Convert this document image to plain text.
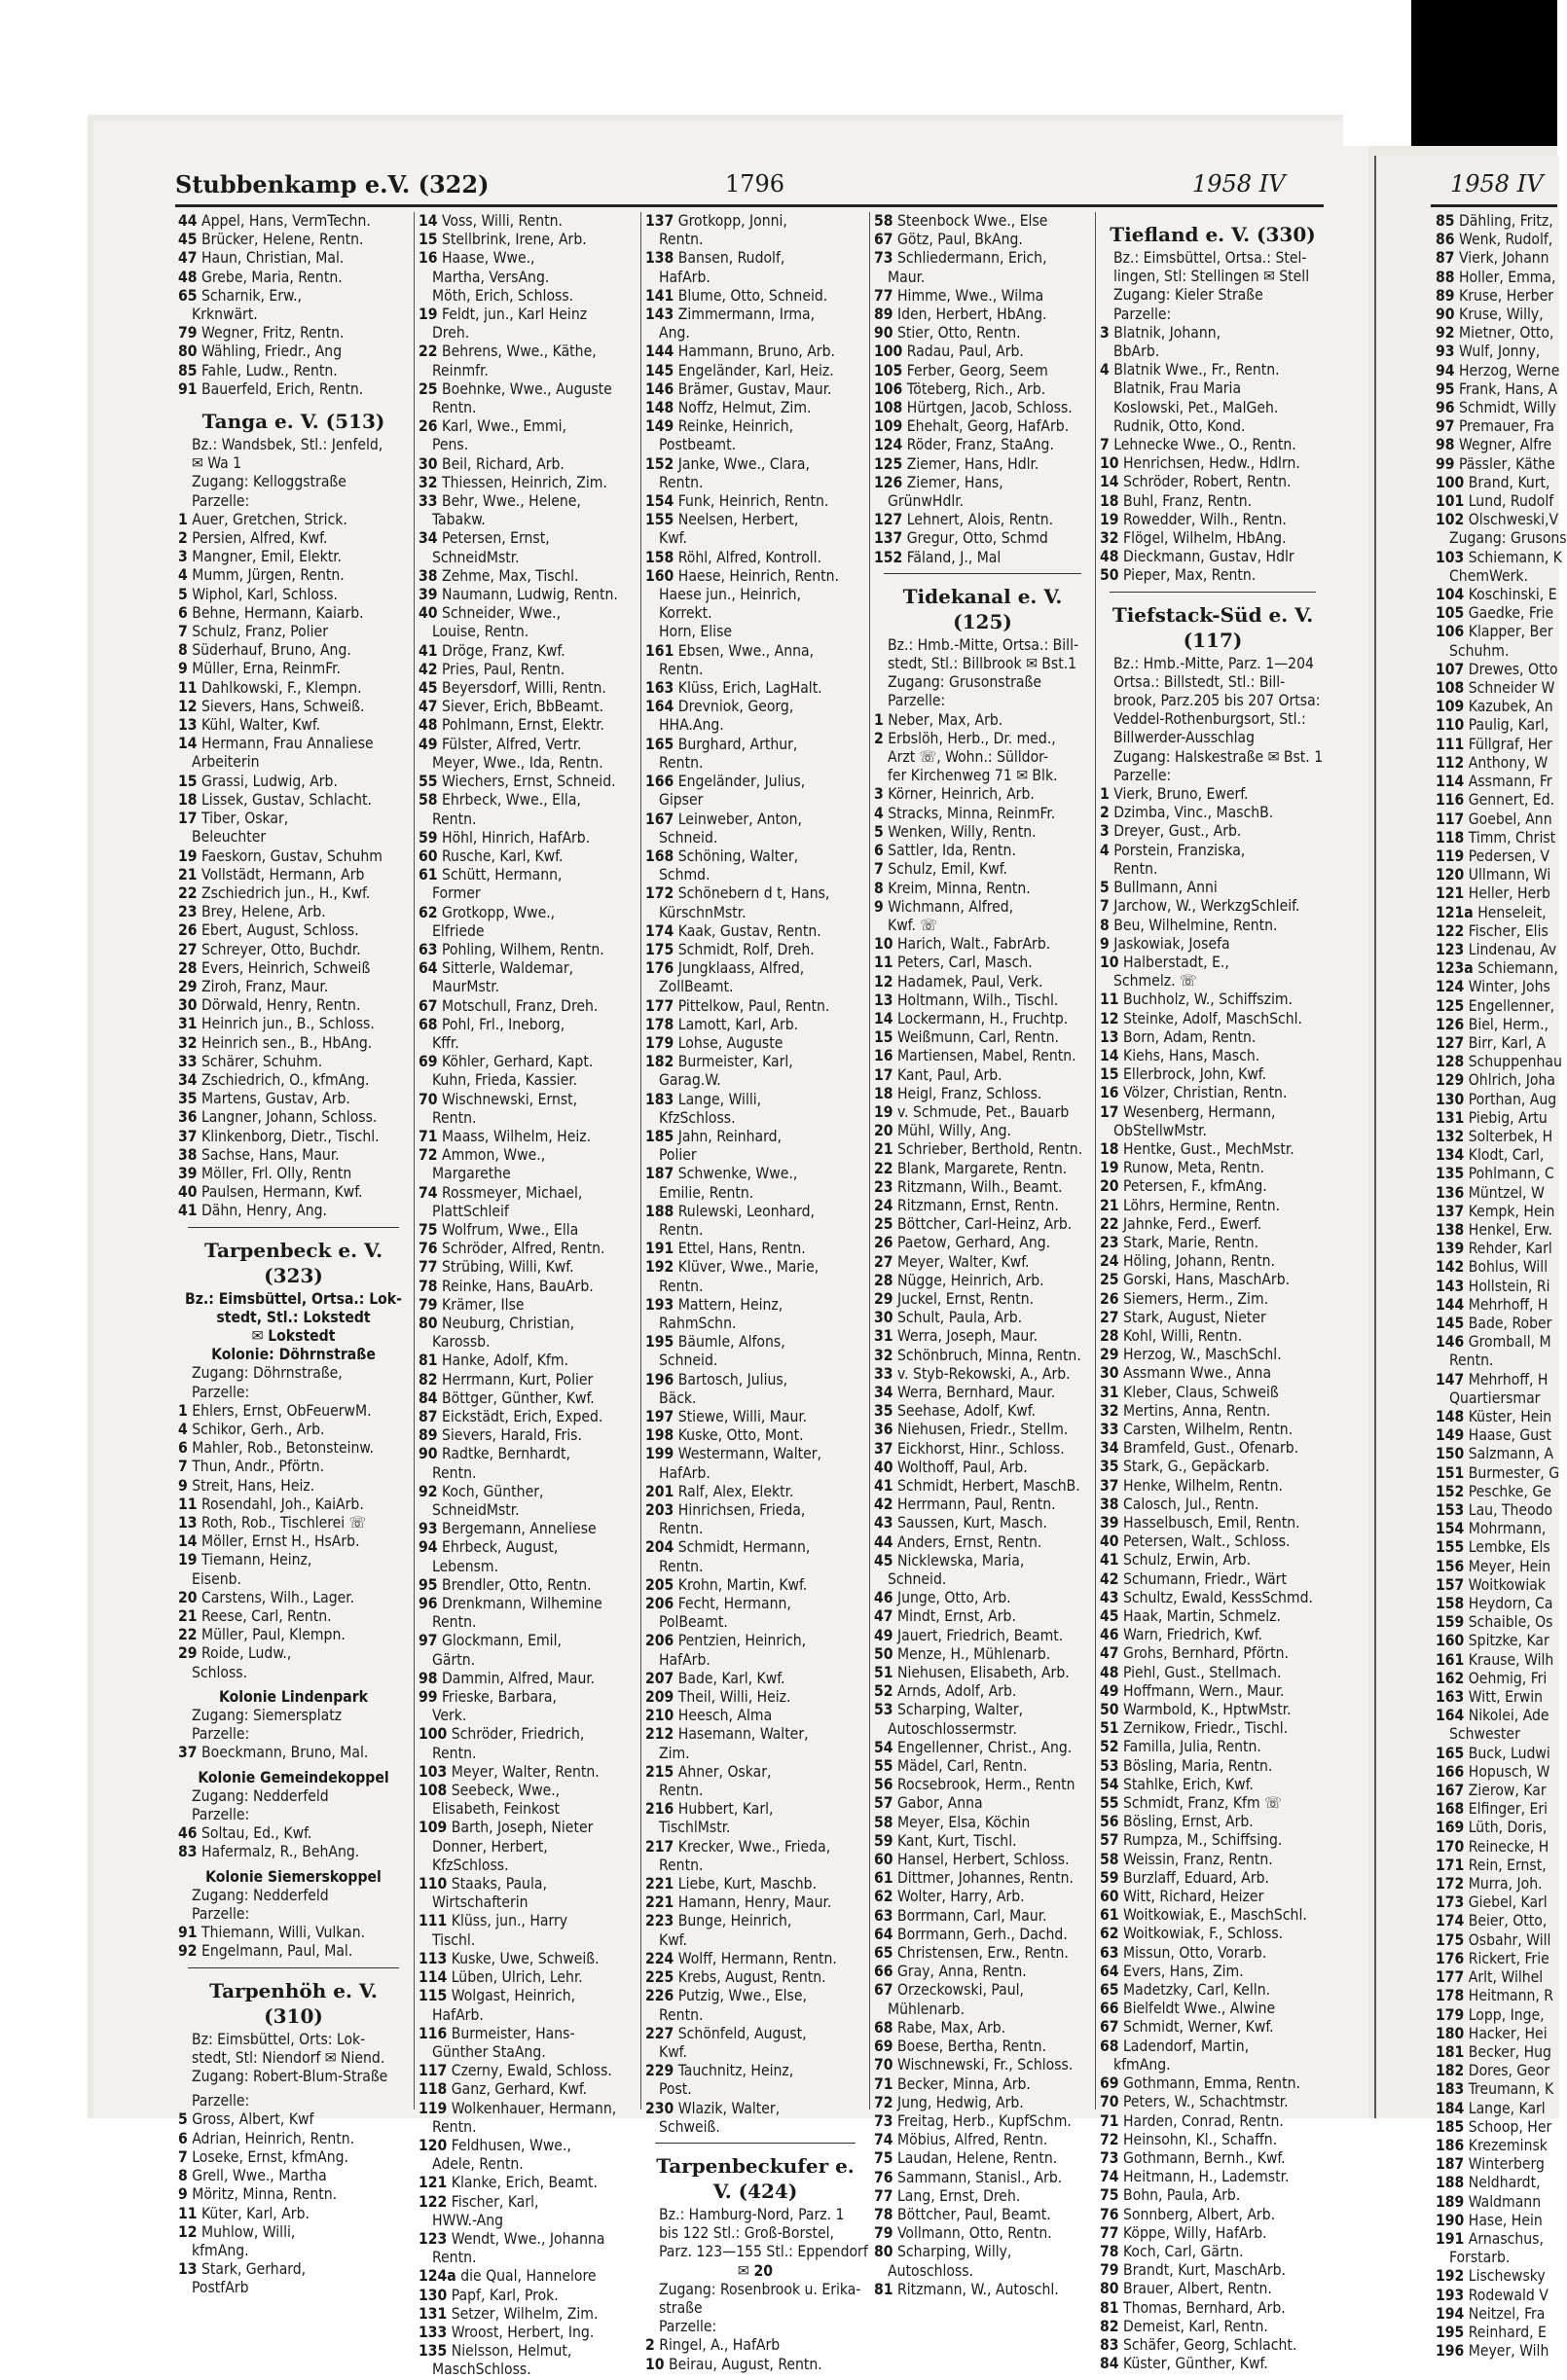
Stubbenkamp e.V. (322)	1796	1958 IV	1958 IV
44 Appel, Hans, VermTechn.
45 Brücker, Helene, Rentn.
47 Haun, Christian, Mal.
48 Grebe, Maria, Rentn.
65 Scharnik, Erw.,
Krknwärt.
79 Wegner, Fritz, Rentn.
80 Wähling, Friedr., Ang
85 Fahle, Ludw., Rentn.
91 Bauerfeld, Erich, Rentn.
Tanga e. V. (513)
Bz.: Wandsbek, Stl.: Jenfeld,
✉ Wa 1
Zugang: Kelloggstraße
Parzelle:
1 Auer, Gretchen, Strick.
2 Persien, Alfred, Kwf.
3 Mangner, Emil, Elektr.
4 Mumm, Jürgen, Rentn.
5 Wiphol, Karl, Schloss.
6 Behne, Hermann, Kaiarb.
7 Schulz, Franz, Polier
8 Süderhauf, Bruno, Ang.
9 Müller, Erna, ReinmFr.
11 Dahlkowski, F., Klempn.
12 Sievers, Hans, Schweiß.
13 Kühl, Walter, Kwf.
14 Hermann, Frau Annaliese
Arbeiterin
15 Grassi, Ludwig, Arb.
18 Lissek, Gustav, Schlacht.
17 Tiber, Oskar,
Beleuchter
19 Faeskorn, Gustav, Schuhm
21 Vollstädt, Hermann, Arb
22 Zschiedrich jun., H., Kwf.
23 Brey, Helene, Arb.
26 Ebert, August, Schloss.
27 Schreyer, Otto, Buchdr.
28 Evers, Heinrich, Schweiß
29 Ziroh, Franz, Maur.
30 Dörwald, Henry, Rentn.
31 Heinrich jun., B., Schloss.
32 Heinrich sen., B., HbAng.
33 Schärer, Schuhm.
34 Zschiedrich, O., kfmAng.
35 Martens, Gustav, Arb.
36 Langner, Johann, Schloss.
37 Klinkenborg, Dietr., Tischl.
38 Sachse, Hans, Maur.
39 Möller, Frl. Olly, Rentn
40 Paulsen, Hermann, Kwf.
41 Dähn, Henry, Ang.
Tarpenbeck e. V. (323)
Bz.: Eimsbüttel, Ortsa.: Lok-
stedt, Stl.: Lokstedt
✉ Lokstedt
Kolonie: Döhrnstraße
Zugang: Döhrnstraße,
Parzelle:
1 Ehlers, Ernst, ObFeuerwM.
4 Schikor, Gerh., Arb.
6 Mahler, Rob., Betonsteinw.
7 Thun, Andr., Pförtn.
9 Streit, Hans, Heiz.
11 Rosendahl, Joh., KaiArb.
13 Roth, Rob., Tischlerei ☏
14 Möller, Ernst H., HsArb.
19 Tiemann, Heinz,
Eisenb.
20 Carstens, Wilh., Lager.
21 Reese, Carl, Rentn.
22 Müller, Paul, Klempn.
29 Roide, Ludw.,
Schloss.
Kolonie Lindenpark
Zugang: Siemersplatz
Parzelle:
37 Boeckmann, Bruno, Mal.
Kolonie Gemeindekoppel
Zugang: Nedderfeld
Parzelle:
46 Soltau, Ed., Kwf.
83 Hafermalz, R., BehAng.
Kolonie Siemerskoppel
Zugang: Nedderfeld
Parzelle:
91 Thiemann, Willi, Vulkan.
92 Engelmann, Paul, Mal.
Tarpenhöh e. V. (310)
Bz: Eimsbüttel, Orts: Lok-
stedt, Stl: Niendorf ✉ Niend.
Zugang: Robert-Blum-Straße
Parzelle:
5 Gross, Albert, Kwf
6 Adrian, Heinrich, Rentn.
7 Loseke, Ernst, kfmAng.
8 Grell, Wwe., Martha
9 Möritz, Minna, Rentn.
11 Küter, Karl, Arb.
12 Muhlow, Willi,
kfmAng.
13 Stark, Gerhard,
PostfArb
14 Voss, Willi, Rentn.
15 Stellbrink, Irene, Arb.
16 Haase, Wwe.,
Martha, VersAng.
Möth, Erich, Schloss.
19 Feldt, jun., Karl Heinz
Dreh.
22 Behrens, Wwe., Käthe,
Reinmfr.
25 Boehnke, Wwe., Auguste
Rentn.
26 Karl, Wwe., Emmi,
Pens.
30 Beil, Richard, Arb.
32 Thiessen, Heinrich, Zim.
33 Behr, Wwe., Helene,
Tabakw.
34 Petersen, Ernst,
SchneidMstr.
38 Zehme, Max, Tischl.
39 Naumann, Ludwig, Rentn.
40 Schneider, Wwe.,
Louise, Rentn.
41 Dröge, Franz, Kwf.
42 Pries, Paul, Rentn.
45 Beyersdorf, Willi, Rentn.
47 Siever, Erich, BbBeamt.
48 Pohlmann, Ernst, Elektr.
49 Fülster, Alfred, Vertr.
Meyer, Wwe., Ida, Rentn.
55 Wiechers, Ernst, Schneid.
58 Ehrbeck, Wwe., Ella,
Rentn.
59 Höhl, Hinrich, HafArb.
60 Rusche, Karl, Kwf.
61 Schütt, Hermann,
Former
62 Grotkopp, Wwe.,
Elfriede
63 Pohling, Wilhem, Rentn.
64 Sitterle, Waldemar,
MaurMstr.
67 Motschull, Franz, Dreh.
68 Pohl, Frl., Ineborg,
Kffr.
69 Köhler, Gerhard, Kapt.
Kuhn, Frieda, Kassier.
70 Wischnewski, Ernst,
Rentn.
71 Maass, Wilhelm, Heiz.
72 Ammon, Wwe.,
Margarethe
74 Rossmeyer, Michael,
PlattSchleif
75 Wolfrum, Wwe., Ella
76 Schröder, Alfred, Rentn.
77 Strübing, Willi, Kwf.
78 Reinke, Hans, BauArb.
79 Krämer, Ilse
80 Neuburg, Christian,
Karossb.
81 Hanke, Adolf, Kfm.
82 Herrmann, Kurt, Polier
84 Böttger, Günther, Kwf.
87 Eickstädt, Erich, Exped.
89 Sievers, Harald, Fris.
90 Radtke, Bernhardt,
Rentn.
92 Koch, Günther,
SchneidMstr.
93 Bergemann, Anneliese
94 Ehrbeck, August,
Lebensm.
95 Brendler, Otto, Rentn.
96 Drenkmann, Wilhemine
Rentn.
97 Glockmann, Emil,
Gärtn.
98 Dammin, Alfred, Maur.
99 Frieske, Barbara,
Verk.
100 Schröder, Friedrich,
Rentn.
103 Meyer, Walter, Rentn.
108 Seebeck, Wwe.,
Elisabeth, Feinkost
109 Barth, Joseph, Nieter
Donner, Herbert,
KfzSchloss.
110 Staaks, Paula,
Wirtschafterin
111 Klüss, jun., Harry
Tischl.
113 Kuske, Uwe, Schweiß.
114 Lüben, Ulrich, Lehr.
115 Wolgast, Heinrich,
HafArb.
116 Burmeister, Hans-
Günther StaAng.
117 Czerny, Ewald, Schloss.
118 Ganz, Gerhard, Kwf.
119 Wolkenhauer, Hermann,
Rentn.
120 Feldhusen, Wwe.,
Adele, Rentn.
121 Klanke, Erich, Beamt.
122 Fischer, Karl,
HWW.-Ang
123 Wendt, Wwe., Johanna
Rentn.
124a die Qual, Hannelore
130 Papf, Karl, Prok.
131 Setzer, Wilhelm, Zim.
133 Wroost, Herbert, Ing.
135 Nielsson, Helmut,
MaschSchloss.
137 Grotkopp, Jonni,
Rentn.
138 Bansen, Rudolf,
HafArb.
141 Blume, Otto, Schneid.
143 Zimmermann, Irma,
Ang.
144 Hammann, Bruno, Arb.
145 Engeländer, Karl, Heiz.
146 Brämer, Gustav, Maur.
148 Noffz, Helmut, Zim.
149 Reinke, Heinrich,
Postbeamt.
152 Janke, Wwe., Clara,
Rentn.
154 Funk, Heinrich, Rentn.
155 Neelsen, Herbert,
Kwf.
158 Röhl, Alfred, Kontroll.
160 Haese, Heinrich, Rentn.
Haese jun., Heinrich,
Korrekt.
Horn, Elise
161 Ebsen, Wwe., Anna,
Rentn.
163 Klüss, Erich, LagHalt.
164 Drevniok, Georg,
HHA.Ang.
165 Burghard, Arthur,
Rentn.
166 Engeländer, Julius,
Gipser
167 Leinweber, Anton,
Schneid.
168 Schöning, Walter,
Schmd.
172 Schönebern d t, Hans,
KürschnMstr.
174 Kaak, Gustav, Rentn.
175 Schmidt, Rolf, Dreh.
176 Jungklaass, Alfred,
ZollBeamt.
177 Pittelkow, Paul, Rentn.
178 Lamott, Karl, Arb.
179 Lohse, Auguste
182 Burmeister, Karl,
Garag.W.
183 Lange, Willi,
KfzSchloss.
185 Jahn, Reinhard,
Polier
187 Schwenke, Wwe.,
Emilie, Rentn.
188 Rulewski, Leonhard,
Rentn.
191 Ettel, Hans, Rentn.
192 Klüver, Wwe., Marie,
Rentn.
193 Mattern, Heinz,
RahmSchn.
195 Bäumle, Alfons,
Schneid.
196 Bartosch, Julius,
Bäck.
197 Stiewe, Willi, Maur.
198 Kuske, Otto, Mont.
199 Westermann, Walter,
HafArb.
201 Ralf, Alex, Elektr.
203 Hinrichsen, Frieda,
Rentn.
204 Schmidt, Hermann,
Rentn.
205 Krohn, Martin, Kwf.
206 Fecht, Hermann,
PolBeamt.
206 Pentzien, Heinrich,
HafArb.
207 Bade, Karl, Kwf.
209 Theil, Willi, Heiz.
210 Heesch, Alma
212 Hasemann, Walter,
Zim.
215 Ahner, Oskar,
Rentn.
216 Hubbert, Karl,
TischlMstr.
217 Krecker, Wwe., Frieda,
Rentn.
221 Liebe, Kurt, Maschb.
221 Hamann, Henry, Maur.
223 Bunge, Heinrich,
Kwf.
224 Wolff, Hermann, Rentn.
225 Krebs, August, Rentn.
226 Putzig, Wwe., Else,
Rentn.
227 Schönfeld, August,
Kwf.
229 Tauchnitz, Heinz,
Post.
230 Wlazik, Walter,
Schweiß.
Tarpenbeckufer e. V. (424)
Bz.: Hamburg-Nord, Parz. 1
bis 122 Stl.: Groß-Borstel,
Parz. 123—155 Stl.: Eppendorf
✉ 20
Zugang: Rosenbrook u. Erika-
straße
Parzelle:
2 Ringel, A., HafArb
10 Beirau, August, Rentn.
58 Steenbock Wwe., Else
67 Götz, Paul, BkAng.
73 Schliedermann, Erich,
Maur.
77 Himme, Wwe., Wilma
89 Iden, Herbert, HbAng.
90 Stier, Otto, Rentn.
100 Radau, Paul, Arb.
105 Ferber, Georg, Seem
106 Töteberg, Rich., Arb.
108 Hürtgen, Jacob, Schloss.
109 Ehehalt, Georg, HafArb.
124 Röder, Franz, StaAng.
125 Ziemer, Hans, Hdlr.
126 Ziemer, Hans,
GrünwHdlr.
127 Lehnert, Alois, Rentn.
137 Gregur, Otto, Schmd
152 Fäland, J., Mal
Tidekanal e. V. (125)
Bz.: Hmb.-Mitte, Ortsa.: Bill-
stedt, Stl.: Billbrook ✉ Bst.1
Zugang: Grusonstraße
Parzelle:
1 Neber, Max, Arb.
2 Erbslöh, Herb., Dr. med.,
Arzt ☏, Wohn.: Sülldor-
fer Kirchenweg 71 ✉ Blk.
3 Körner, Heinrich, Arb.
4 Stracks, Minna, ReinmFr.
5 Wenken, Willy, Rentn.
6 Sattler, Ida, Rentn.
7 Schulz, Emil, Kwf.
8 Kreim, Minna, Rentn.
9 Wichmann, Alfred,
Kwf. ☏
10 Harich, Walt., FabrArb.
11 Peters, Carl, Masch.
12 Hadamek, Paul, Verk.
13 Holtmann, Wilh., Tischl.
14 Lockermann, H., Fruchtp.
15 Weißmunn, Carl, Rentn.
16 Martiensen, Mabel, Rentn.
17 Kant, Paul, Arb.
18 Heigl, Franz, Schloss.
19 v. Schmude, Pet., Bauarb
20 Mühl, Willy, Ang.
21 Schrieber, Berthold, Rentn.
22 Blank, Margarete, Rentn.
23 Ritzmann, Wilh., Beamt.
24 Ritzmann, Ernst, Rentn.
25 Böttcher, Carl-Heinz, Arb.
26 Paetow, Gerhard, Ang.
27 Meyer, Walter, Kwf.
28 Nügge, Heinrich, Arb.
29 Juckel, Ernst, Rentn.
30 Schult, Paula, Arb.
31 Werra, Joseph, Maur.
32 Schönbruch, Minna, Rentn.
33 v. Styb-Rekowski, A., Arb.
34 Werra, Bernhard, Maur.
35 Seehase, Adolf, Kwf.
36 Niehusen, Friedr., Stellm.
37 Eickhorst, Hinr., Schloss.
40 Wolthoff, Paul, Arb.
41 Schmidt, Herbert, MaschB.
42 Herrmann, Paul, Rentn.
43 Saussen, Kurt, Masch.
44 Anders, Ernst, Rentn.
45 Nicklewska, Maria,
Schneid.
46 Junge, Otto, Arb.
47 Mindt, Ernst, Arb.
49 Jauert, Friedrich, Beamt.
50 Menze, H., Mühlenarb.
51 Niehusen, Elisabeth, Arb.
52 Arnds, Adolf, Arb.
53 Scharping, Walter,
Autoschlossermstr.
54 Engellenner, Christ., Ang.
55 Mädel, Carl, Rentn.
56 Rocsebrook, Herm., Rentn
57 Gabor, Anna
58 Meyer, Elsa, Köchin
59 Kant, Kurt, Tischl.
60 Hansel, Herbert, Schloss.
61 Dittmer, Johannes, Rentn.
62 Wolter, Harry, Arb.
63 Borrmann, Carl, Maur.
64 Borrmann, Gerh., Dachd.
65 Christensen, Erw., Rentn.
66 Gray, Anna, Rentn.
67 Orzeckowski, Paul,
Mühlenarb.
68 Rabe, Max, Arb.
69 Boese, Bertha, Rentn.
70 Wischnewski, Fr., Schloss.
71 Becker, Minna, Arb.
72 Jung, Hedwig, Arb.
73 Freitag, Herb., KupfSchm.
74 Möbius, Alfred, Rentn.
75 Laudan, Helene, Rentn.
76 Sammann, Stanisl., Arb.
77 Lang, Ernst, Dreh.
78 Böttcher, Paul, Beamt.
79 Vollmann, Otto, Rentn.
80 Scharping, Willy,
Autoschloss.
81 Ritzmann, W., Autoschl.
Tiefland e. V. (330)
Bz.: Eimsbüttel, Ortsa.: Stel-
lingen, Stl: Stellingen ✉ Stell
Zugang: Kieler Straße
Parzelle:
3 Blatnik, Johann,
BbArb.
4 Blatnik Wwe., Fr., Rentn.
Blatnik, Frau Maria
Koslowski, Pet., MalGeh.
Rudnik, Otto, Kond.
7 Lehnecke Wwe., O., Rentn.
10 Henrichsen, Hedw., Hdlrn.
14 Schröder, Robert, Rentn.
18 Buhl, Franz, Rentn.
19 Rowedder, Wilh., Rentn.
32 Flögel, Wilhelm, HbAng.
48 Dieckmann, Gustav, Hdlr
50 Pieper, Max, Rentn.
Tiefstack-Süd e. V. (117)
Bz.: Hmb.-Mitte, Parz. 1—204
Ortsa.: Billstedt, Stl.: Bill-
brook, Parz.205 bis 207 Ortsa:
Veddel-Rothenburgsort, Stl.:
Billwerder-Ausschlag
Zugang: Halskestraße ✉ Bst. 1
Parzelle:
1 Vierk, Bruno, Ewerf.
2 Dzimba, Vinc., MaschB.
3 Dreyer, Gust., Arb.
4 Porstein, Franziska,
Rentn.
5 Bullmann, Anni
7 Jarchow, W., WerkzgSchleif.
8 Beu, Wilhelmine, Rentn.
9 Jaskowiak, Josefa
10 Halberstadt, E.,
Schmelz. ☏
11 Buchholz, W., Schiffszim.
12 Steinke, Adolf, MaschSchl.
13 Born, Adam, Rentn.
14 Kiehs, Hans, Masch.
15 Ellerbrock, John, Kwf.
16 Völzer, Christian, Rentn.
17 Wesenberg, Hermann,
ObStellwMstr.
18 Hentke, Gust., MechMstr.
19 Runow, Meta, Rentn.
20 Petersen, F., kfmAng.
21 Löhrs, Hermine, Rentn.
22 Jahnke, Ferd., Ewerf.
23 Stark, Marie, Rentn.
24 Höling, Johann, Rentn.
25 Gorski, Hans, MaschArb.
26 Siemers, Herm., Zim.
27 Stark, August, Nieter
28 Kohl, Willi, Rentn.
29 Herzog, W., MaschSchl.
30 Assmann Wwe., Anna
31 Kleber, Claus, Schweiß
32 Mertins, Anna, Rentn.
33 Carsten, Wilhelm, Rentn.
34 Bramfeld, Gust., Ofenarb.
35 Stark, G., Gepäckarb.
37 Henke, Wilhelm, Rentn.
38 Calosch, Jul., Rentn.
39 Hasselbusch, Emil, Rentn.
40 Petersen, Walt., Schloss.
41 Schulz, Erwin, Arb.
42 Schumann, Friedr., Wärt
43 Schultz, Ewald, KessSchmd.
45 Haak, Martin, Schmelz.
46 Warn, Friedrich, Kwf.
47 Grohs, Bernhard, Pförtn.
48 Piehl, Gust., Stellmach.
49 Hoffmann, Wern., Maur.
50 Warmbold, K., HptwMstr.
51 Zernikow, Friedr., Tischl.
52 Familla, Julia, Rentn.
53 Bösling, Maria, Rentn.
54 Stahlke, Erich, Kwf.
55 Schmidt, Franz, Kfm ☏
56 Bösling, Ernst, Arb.
57 Rumpza, M., Schiffsing.
58 Weissin, Franz, Rentn.
59 Burzlaff, Eduard, Arb.
60 Witt, Richard, Heizer
61 Woitkowiak, E., MaschSchl.
62 Woitkowiak, F., Schloss.
63 Missun, Otto, Vorarb.
64 Evers, Hans, Zim.
65 Madetzky, Carl, Kelln.
66 Bielfeldt Wwe., Alwine
67 Schmidt, Werner, Kwf.
68 Ladendorf, Martin,
kfmAng.
69 Gothmann, Emma, Rentn.
70 Peters, W., Schachtmstr.
71 Harden, Conrad, Rentn.
72 Heinsohn, Kl., Schaffn.
73 Gothmann, Bernh., Kwf.
74 Heitmann, H., Lademstr.
75 Bohn, Paula, Arb.
76 Sonnberg, Albert, Arb.
77 Köppe, Willy, HafArb.
78 Koch, Carl, Gärtn.
79 Brandt, Kurt, MaschArb.
80 Brauer, Albert, Rentn.
81 Thomas, Bernhard, Arb.
82 Demeist, Karl, Rentn.
83 Schäfer, Georg, Schlacht.
84 Küster, Günther, Kwf.
85 Dähling, Fritz,
86 Wenk, Rudolf,
87 Vierk, Johann
88 Holler, Emma,
89 Kruse, Herber
90 Kruse, Willy,
92 Mietner, Otto,
93 Wulf, Jonny,
94 Herzog, Werne
95 Frank, Hans, A
96 Schmidt, Willy
97 Premauer, Fra
98 Wegner, Alfre
99 Pässler, Käthe
100 Brand, Kurt,
101 Lund, Rudolf
102 Olschweski,V
Zugang: Grusons
103 Schiemann, K
ChemWerk.
104 Koschinski, E
105 Gaedke, Frie
106 Klapper, Ber
Schuhm.
107 Drewes, Otto
108 Schneider W
109 Kazubek, An
110 Paulig, Karl,
111 Füllgraf, Her
112 Anthony, W
114 Assmann, Fr
116 Gennert, Ed.
117 Goebel, Ann
118 Timm, Christ
119 Pedersen, V
120 Ullmann, Wi
121 Heller, Herb
121a Henseleit,
122 Fischer, Elis
123 Lindenau, Av
123a Schiemann,
124 Winter, Johs
125 Engellenner,
126 Biel, Herm.,
127 Birr, Karl, A
128 Schuppenhau
129 Ohlrich, Joha
130 Porthan, Aug
131 Piebig, Artu
132 Solterbek, H
134 Klodt, Carl,
135 Pohlmann, C
136 Müntzel, W
137 Kempk, Hein
138 Henkel, Erw.
139 Rehder, Karl
142 Bohlus, Will
143 Hollstein, Ri
144 Mehrhoff, H
145 Bade, Rober
146 Gromball, M
Rentn.
147 Mehrhoff, H
Quartiersmar
148 Küster, Hein
149 Haase, Gust
150 Salzmann, A
151 Burmester, G
152 Peschke, Ge
153 Lau, Theodo
154 Mohrmann,
155 Lembke, Els
156 Meyer, Hein
157 Woitkowiak
158 Heydorn, Ca
159 Schaible, Os
160 Spitzke, Kar
161 Krause, Wilh
162 Oehmig, Fri
163 Witt, Erwin
164 Nikolei, Ade
Schwester
165 Buck, Ludwi
166 Hopusch, W
167 Zierow, Kar
168 Elfinger, Eri
169 Lüth, Doris,
170 Reinecke, H
171 Rein, Ernst,
172 Murra, Joh.
173 Giebel, Karl
174 Beier, Otto,
175 Osbahr, Will
176 Rickert, Frie
177 Arlt, Wilhel
178 Heitmann, R
179 Lopp, Inge,
180 Hacker, Hei
181 Becker, Hug
182 Dores, Geor
183 Treumann, K
184 Lange, Karl
185 Schoop, Her
186 Krezeminsk
187 Winterberg
188 Neldhardt,
189 Waldmann
190 Hase, Hein
191 Arnaschus,
Forstarb.
192 Lischewsky
193 Rodewald V
194 Neitzel, Fra
195 Reinhard, E
196 Meyer, Wilh
